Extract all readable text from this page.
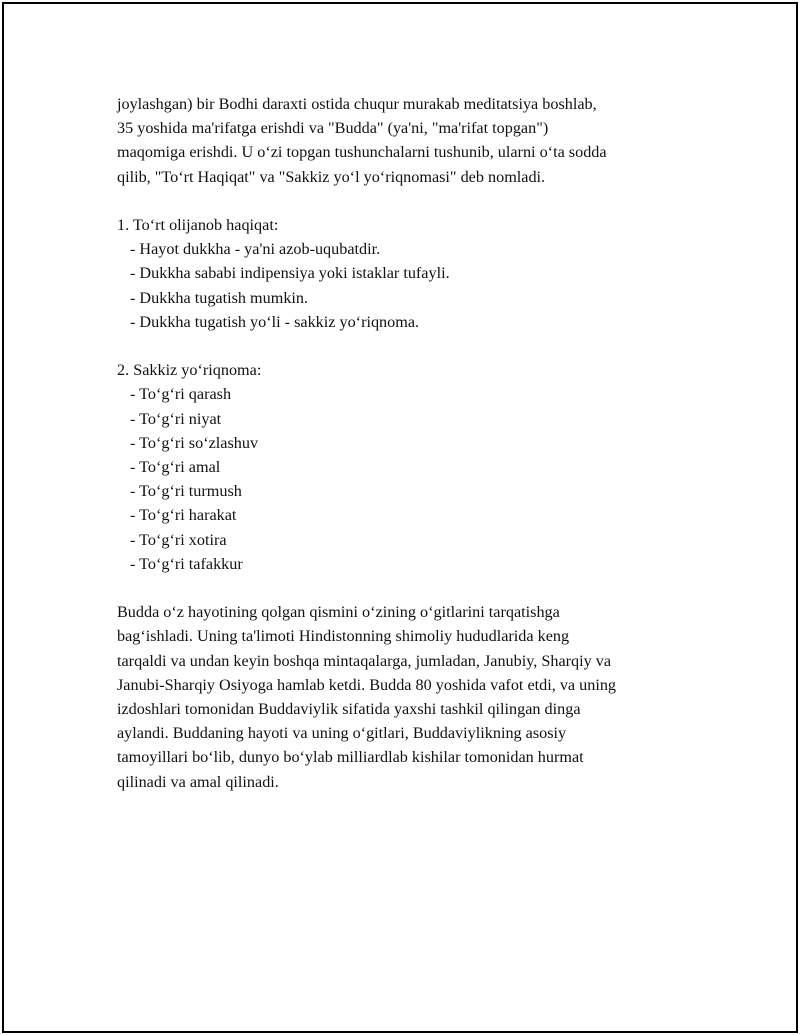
joylashgan) bir Bodhi daraxti ostida chuqur murakab meditatsiya boshlab,

35 yoshida ma'rifatga erishdi va "Budda" (ya'ni, "ma'rifat topgan")

maqomiga erishdi. U o‘zi topgan tushunchalarni tushunib, ularni o‘ta sodda

qilib, "To‘rt Haqiqat" va "Sakkiz yo‘l yo‘riqnomasi" deb nomladi.

1. To‘rt olijanob haqiqat:

- Hayot dukkha - ya'ni azob-uqubatdir.

- Dukkha sababi indipensiya yoki istaklar tufayli.

- Dukkha tugatish mumkin.

- Dukkha tugatish yo‘li - sakkiz yo‘riqnoma.

2. Sakkiz yo‘riqnoma:

- To‘g‘ri qarash

- To‘g‘ri niyat

- To‘g‘ri so‘zlashuv

- To‘g‘ri amal

- To‘g‘ri turmush

- To‘g‘ri harakat

- To‘g‘ri xotira

- To‘g‘ri tafakkur

Budda o‘z hayotining qolgan qismini o‘zining o‘gitlarini tarqatishga

bag‘ishladi. Uning ta'limoti Hindistonning shimoliy hududlarida keng

tarqaldi va undan keyin boshqa mintaqalarga, jumladan, Janubiy, Sharqiy va

Janubi-Sharqiy Osiyoga hamlab ketdi. Budda 80 yoshida vafot etdi, va uning

izdoshlari tomonidan Buddaviylik sifatida yaxshi tashkil qilingan dinga

aylandi. Buddaning hayoti va uning o‘gitlari, Buddaviylikning asosiy

tamoyillari bo‘lib, dunyo bo‘ylab milliardlab kishilar tomonidan hurmat

qilinadi va amal qilinadi.
